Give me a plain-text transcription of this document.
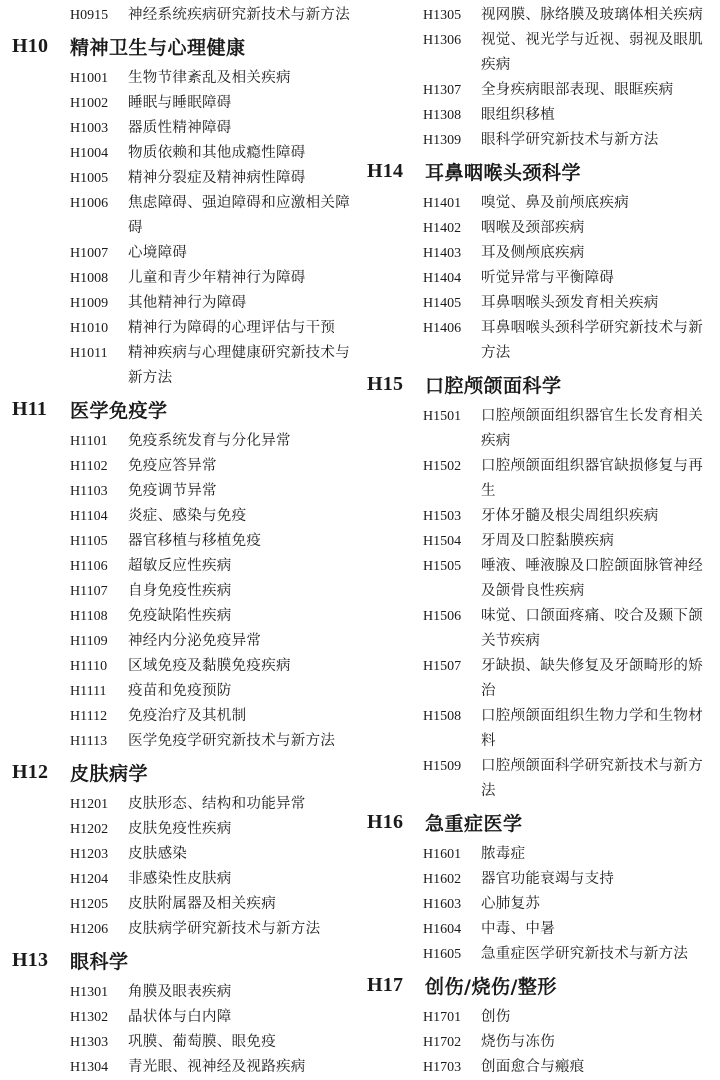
H0915	神经系统疾病研究新技术与新方法
H10	精神卫生与心理健康
H1001	生物节律紊乱及相关疾病
H1002	睡眠与睡眠障碍
H1003	器质性精神障碍
H1004	物质依赖和其他成瘾性障碍
H1005	精神分裂症及精神病性障碍
H1006	焦虑障碍、强迫障碍和应激相关障碍
H1007	心境障碍
H1008	儿童和青少年精神行为障碍
H1009	其他精神行为障碍
H1010	精神行为障碍的心理评估与干预
H1011	精神疾病与心理健康研究新技术与新方法
H11	医学免疫学
H1101	免疫系统发育与分化异常
H1102	免疫应答异常
H1103	免疫调节异常
H1104	炎症、感染与免疫
H1105	器官移植与移植免疫
H1106	超敏反应性疾病
H1107	自身免疫性疾病
H1108	免疫缺陷性疾病
H1109	神经内分泌免疫异常
H1110	区域免疫及黏膜免疫疾病
H1111	疫苗和免疫预防
H1112	免疫治疗及其机制
H1113	医学免疫学研究新技术与新方法
H12	皮肤病学
H1201	皮肤形态、结构和功能异常
H1202	皮肤免疫性疾病
H1203	皮肤感染
H1204	非感染性皮肤病
H1205	皮肤附属器及相关疾病
H1206	皮肤病学研究新技术与新方法
H13	眼科学
H1301	角膜及眼表疾病
H1302	晶状体与白内障
H1303	巩膜、葡萄膜、眼免疫
H1304	青光眼、视神经及视路疾病
H1305	视网膜、脉络膜及玻璃体相关疾病
H1306	视觉、视光学与近视、弱视及眼肌疾病
H1307	全身疾病眼部表现、眼眶疾病
H1308	眼组织移植
H1309	眼科学研究新技术与新方法
H14	耳鼻咽喉头颈科学
H1401	嗅觉、鼻及前颅底疾病
H1402	咽喉及颈部疾病
H1403	耳及侧颅底疾病
H1404	听觉异常与平衡障碍
H1405	耳鼻咽喉头颈发育相关疾病
H1406	耳鼻咽喉头颈科学研究新技术与新方法
H15	口腔颅颌面科学
H1501	口腔颅颌面组织器官生长发育相关疾病
H1502	口腔颅颌面组织器官缺损修复与再生
H1503	牙体牙髓及根尖周组织疾病
H1504	牙周及口腔黏膜疾病
H1505	唾液、唾液腺及口腔颌面脉管神经及颌骨良性疾病
H1506	味觉、口颌面疼痛、咬合及颞下颌关节疾病
H1507	牙缺损、缺失修复及牙颌畸形的矫治
H1508	口腔颅颌面组织生物力学和生物材料
H1509	口腔颅颌面科学研究新技术与新方法
H16	急重症医学
H1601	脓毒症
H1602	器官功能衰竭与支持
H1603	心肺复苏
H1604	中毒、中暑
H1605	急重症医学研究新技术与新方法
H17	创伤/烧伤/整形
H1701	创伤
H1702	烧伤与冻伤
H1703	创面愈合与瘢痕
